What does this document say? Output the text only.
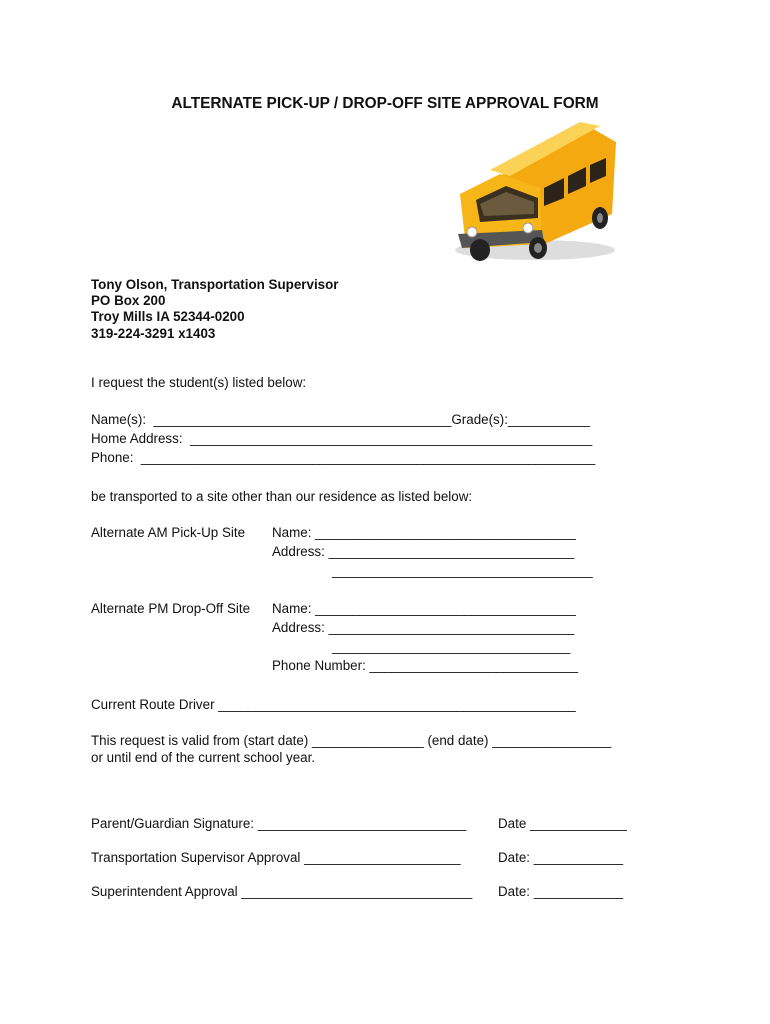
ALTERNATE PICK-UP / DROP-OFF SITE APPROVAL FORM
Tony Olson, Transportation Supervisor
PO Box 200
Troy Mills IA 52344-0200
319-224-3291 x1403
I request the student(s) listed below:
Name(s):  ________________________________________Grade(s):___________
Home Address:  ______________________________________________________
Phone:  _____________________________________________________________
be transported to a site other than our residence as listed below:
Alternate AM Pick-Up Site Name: ___________________________________
Address: _________________________________
___________________________________
Alternate PM Drop-Off Site Name: ___________________________________
Address: _________________________________
________________________________
Phone Number: ____________________________
Current Route Driver ________________________________________________
This request is valid from (start date) _______________ (end date) ________________
or until end of the current school year.
Parent/Guardian Signature: ____________________________ Date _____________
Transportation Supervisor Approval _____________________	Date: ____________
Superintendent Approval _______________________________ Date: ____________
